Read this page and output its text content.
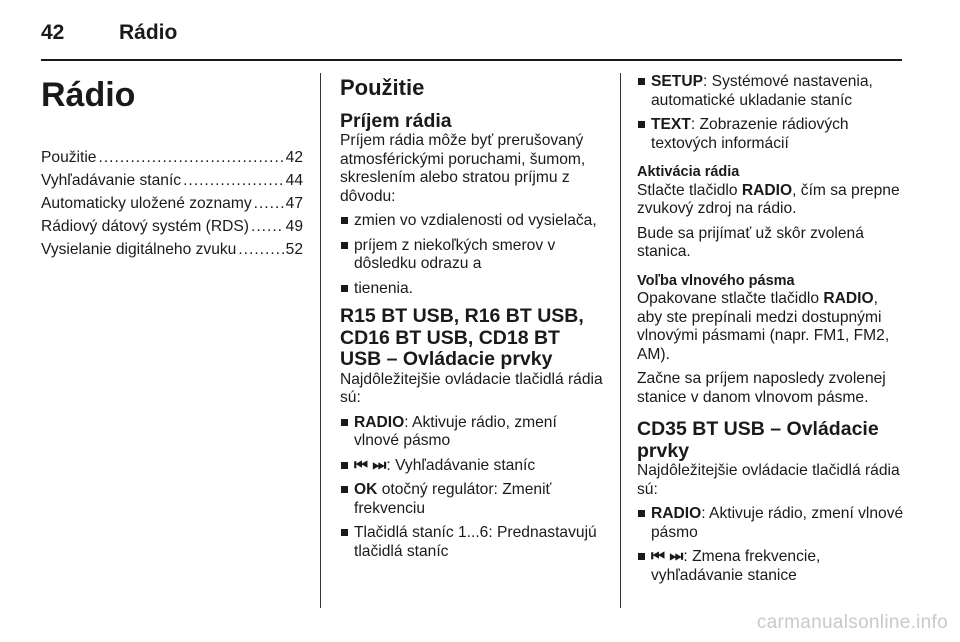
42	Rádio
Rádio
Použitie .....	42
Vyhľadávanie staníc .....	44
Automaticky uložené zoznamy ..... 47
Rádiový dátový systém (RDS) ..... 49
Vysielanie digitálneho zvuku .....	52
Použitie
Príjem rádia
Príjem rádia môže byť prerušovaný atmosférickými poruchami, šumom, skreslením alebo stratou príjmu z dôvodu:
zmien vo vzdialenosti od vysielača,
príjem z niekoľkých smerov v dôsledku odrazu a
tienenia.
R15 BT USB, R16 BT USB, CD16 BT USB, CD18 BT USB – Ovládacie prvky
Najdôležitejšie ovládacie tlačidlá rádia sú:
RADIO: Aktivuje rádio, zmení vlnové pásmo
⏮ ⏭: Vyhľadávanie staníc
OK otočný regulátor: Zmeniť frekvenciu
Tlačidlá staníc 1...6: Prednastavujú tlačidlá staníc
SETUP: Systémové nastavenia, automatické ukladanie staníc
TEXT: Zobrazenie rádiových textových informácií
Aktivácia rádia
Stlačte tlačidlo RADIO, čím sa prepne zvukový zdroj na rádio.
Bude sa prijímať už skôr zvolená stanica.
Voľba vlnového pásma
Opakovane stlačte tlačidlo RADIO, aby ste prepínali medzi dostupnými vlnovými pásmami (napr. FM1, FM2, AM).
Začne sa príjem naposledy zvolenej stanice v danom vlnovom pásme.
CD35 BT USB – Ovládacie prvky
Najdôležitejšie ovládacie tlačidlá rádia sú:
RADIO: Aktivuje rádio, zmení vlnové pásmo
⏮ ⏭: Zmena frekvencie, vyhľadávanie stanice
carmanualsonline.info
